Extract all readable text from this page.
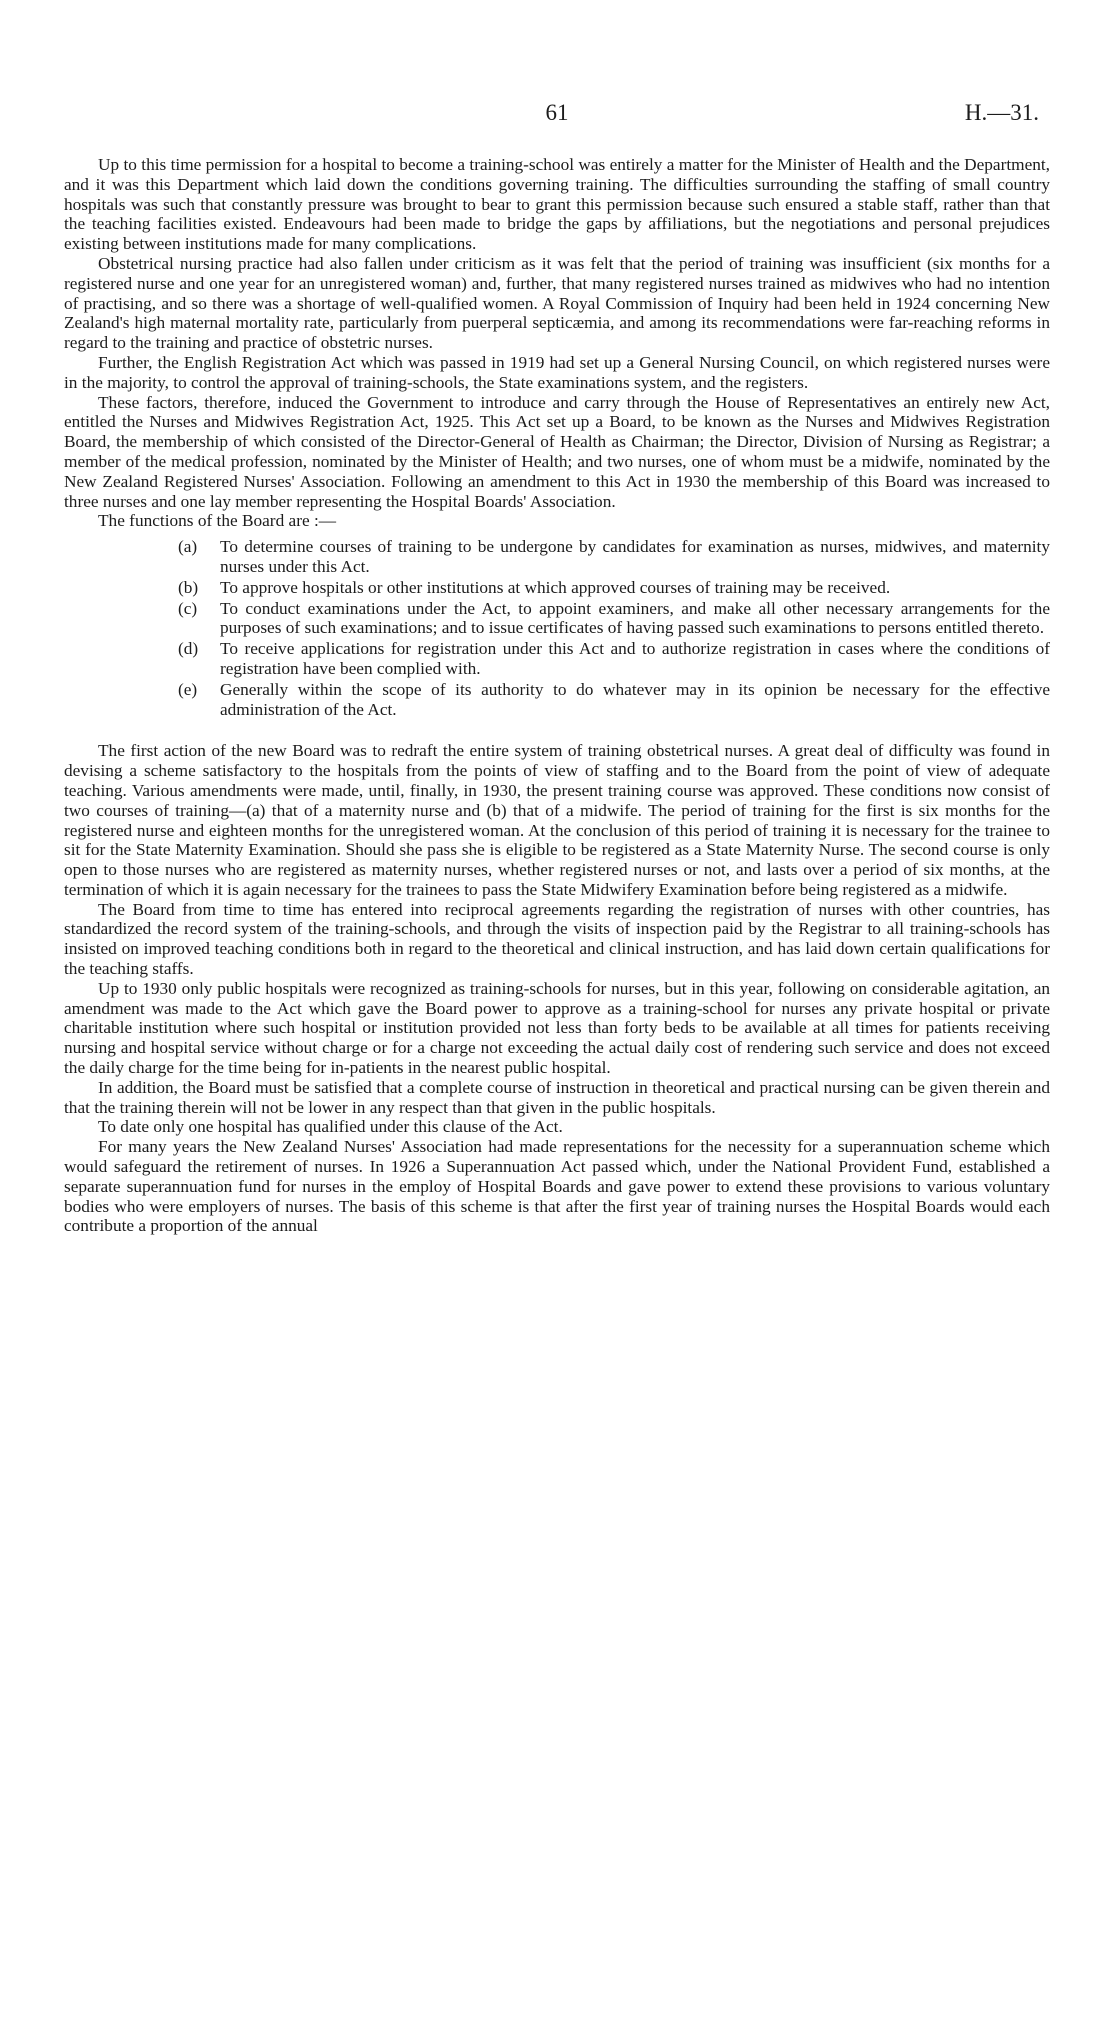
61	H.—31.

Up to this time permission for a hospital to become a training-school was entirely a matter for the Minister of Health and the Department, and it was this Department which laid down the conditions governing training. The difficulties surrounding the staffing of small country hospitals was such that constantly pressure was brought to bear to grant this permission because such ensured a stable staff, rather than that the teaching facilities existed. Endeavours had been made to bridge the gaps by affiliations, but the negotiations and personal prejudices existing between institutions made for many complications.

Obstetrical nursing practice had also fallen under criticism as it was felt that the period of training was insufficient (six months for a registered nurse and one year for an unregistered woman) and, further, that many registered nurses trained as midwives who had no intention of practising, and so there was a shortage of well-qualified women. A Royal Commission of Inquiry had been held in 1924 concerning New Zealand's high maternal mortality rate, particularly from puerperal septicæmia, and among its recommendations were far-reaching reforms in regard to the training and practice of obstetric nurses.

Further, the English Registration Act which was passed in 1919 had set up a General Nursing Council, on which registered nurses were in the majority, to control the approval of training-schools, the State examinations system, and the registers.

These factors, therefore, induced the Government to introduce and carry through the House of Representatives an entirely new Act, entitled the Nurses and Midwives Registration Act, 1925. This Act set up a Board, to be known as the Nurses and Midwives Registration Board, the membership of which consisted of the Director-General of Health as Chairman; the Director, Division of Nursing as Registrar; a member of the medical profession, nominated by the Minister of Health; and two nurses, one of whom must be a midwife, nominated by the New Zealand Registered Nurses' Association. Following an amendment to this Act in 1930 the membership of this Board was increased to three nurses and one lay member representing the Hospital Boards' Association.

The functions of the Board are :—

(a) To determine courses of training to be undergone by candidates for examination as nurses, midwives, and maternity nurses under this Act.
(b) To approve hospitals or other institutions at which approved courses of training may be received.
(c) To conduct examinations under the Act, to appoint examiners, and make all other necessary arrangements for the purposes of such examinations; and to issue certificates of having passed such examinations to persons entitled thereto.
(d) To receive applications for registration under this Act and to authorize registration in cases where the conditions of registration have been complied with.
(e) Generally within the scope of its authority to do whatever may in its opinion be necessary for the effective administration of the Act.

The first action of the new Board was to redraft the entire system of training obstetrical nurses. A great deal of difficulty was found in devising a scheme satisfactory to the hospitals from the points of view of staffing and to the Board from the point of view of adequate teaching. Various amendments were made, until, finally, in 1930, the present training course was approved. These conditions now consist of two courses of training—(a) that of a maternity nurse and (b) that of a midwife. The period of training for the first is six months for the registered nurse and eighteen months for the unregistered woman. At the conclusion of this period of training it is necessary for the trainee to sit for the State Maternity Examination. Should she pass she is eligible to be registered as a State Maternity Nurse. The second course is only open to those nurses who are registered as maternity nurses, whether registered nurses or not, and lasts over a period of six months, at the termination of which it is again necessary for the trainees to pass the State Midwifery Examination before being registered as a midwife.

The Board from time to time has entered into reciprocal agreements regarding the registration of nurses with other countries, has standardized the record system of the training-schools, and through the visits of inspection paid by the Registrar to all training-schools has insisted on improved teaching conditions both in regard to the theoretical and clinical instruction, and has laid down certain qualifications for the teaching staffs.

Up to 1930 only public hospitals were recognized as training-schools for nurses, but in this year, following on considerable agitation, an amendment was made to the Act which gave the Board power to approve as a training-school for nurses any private hospital or private charitable institution where such hospital or institution provided not less than forty beds to be available at all times for patients receiving nursing and hospital service without charge or for a charge not exceeding the actual daily cost of rendering such service and does not exceed the daily charge for the time being for in-patients in the nearest public hospital.

In addition, the Board must be satisfied that a complete course of instruction in theoretical and practical nursing can be given therein and that the training therein will not be lower in any respect than that given in the public hospitals.

To date only one hospital has qualified under this clause of the Act.

For many years the New Zealand Nurses' Association had made representations for the necessity for a superannuation scheme which would safeguard the retirement of nurses. In 1926 a Superannuation Act passed which, under the National Provident Fund, established a separate superannuation fund for nurses in the employ of Hospital Boards and gave power to extend these provisions to various voluntary bodies who were employers of nurses. The basis of this scheme is that after the first year of training nurses the Hospital Boards would each contribute a proportion of the annual
